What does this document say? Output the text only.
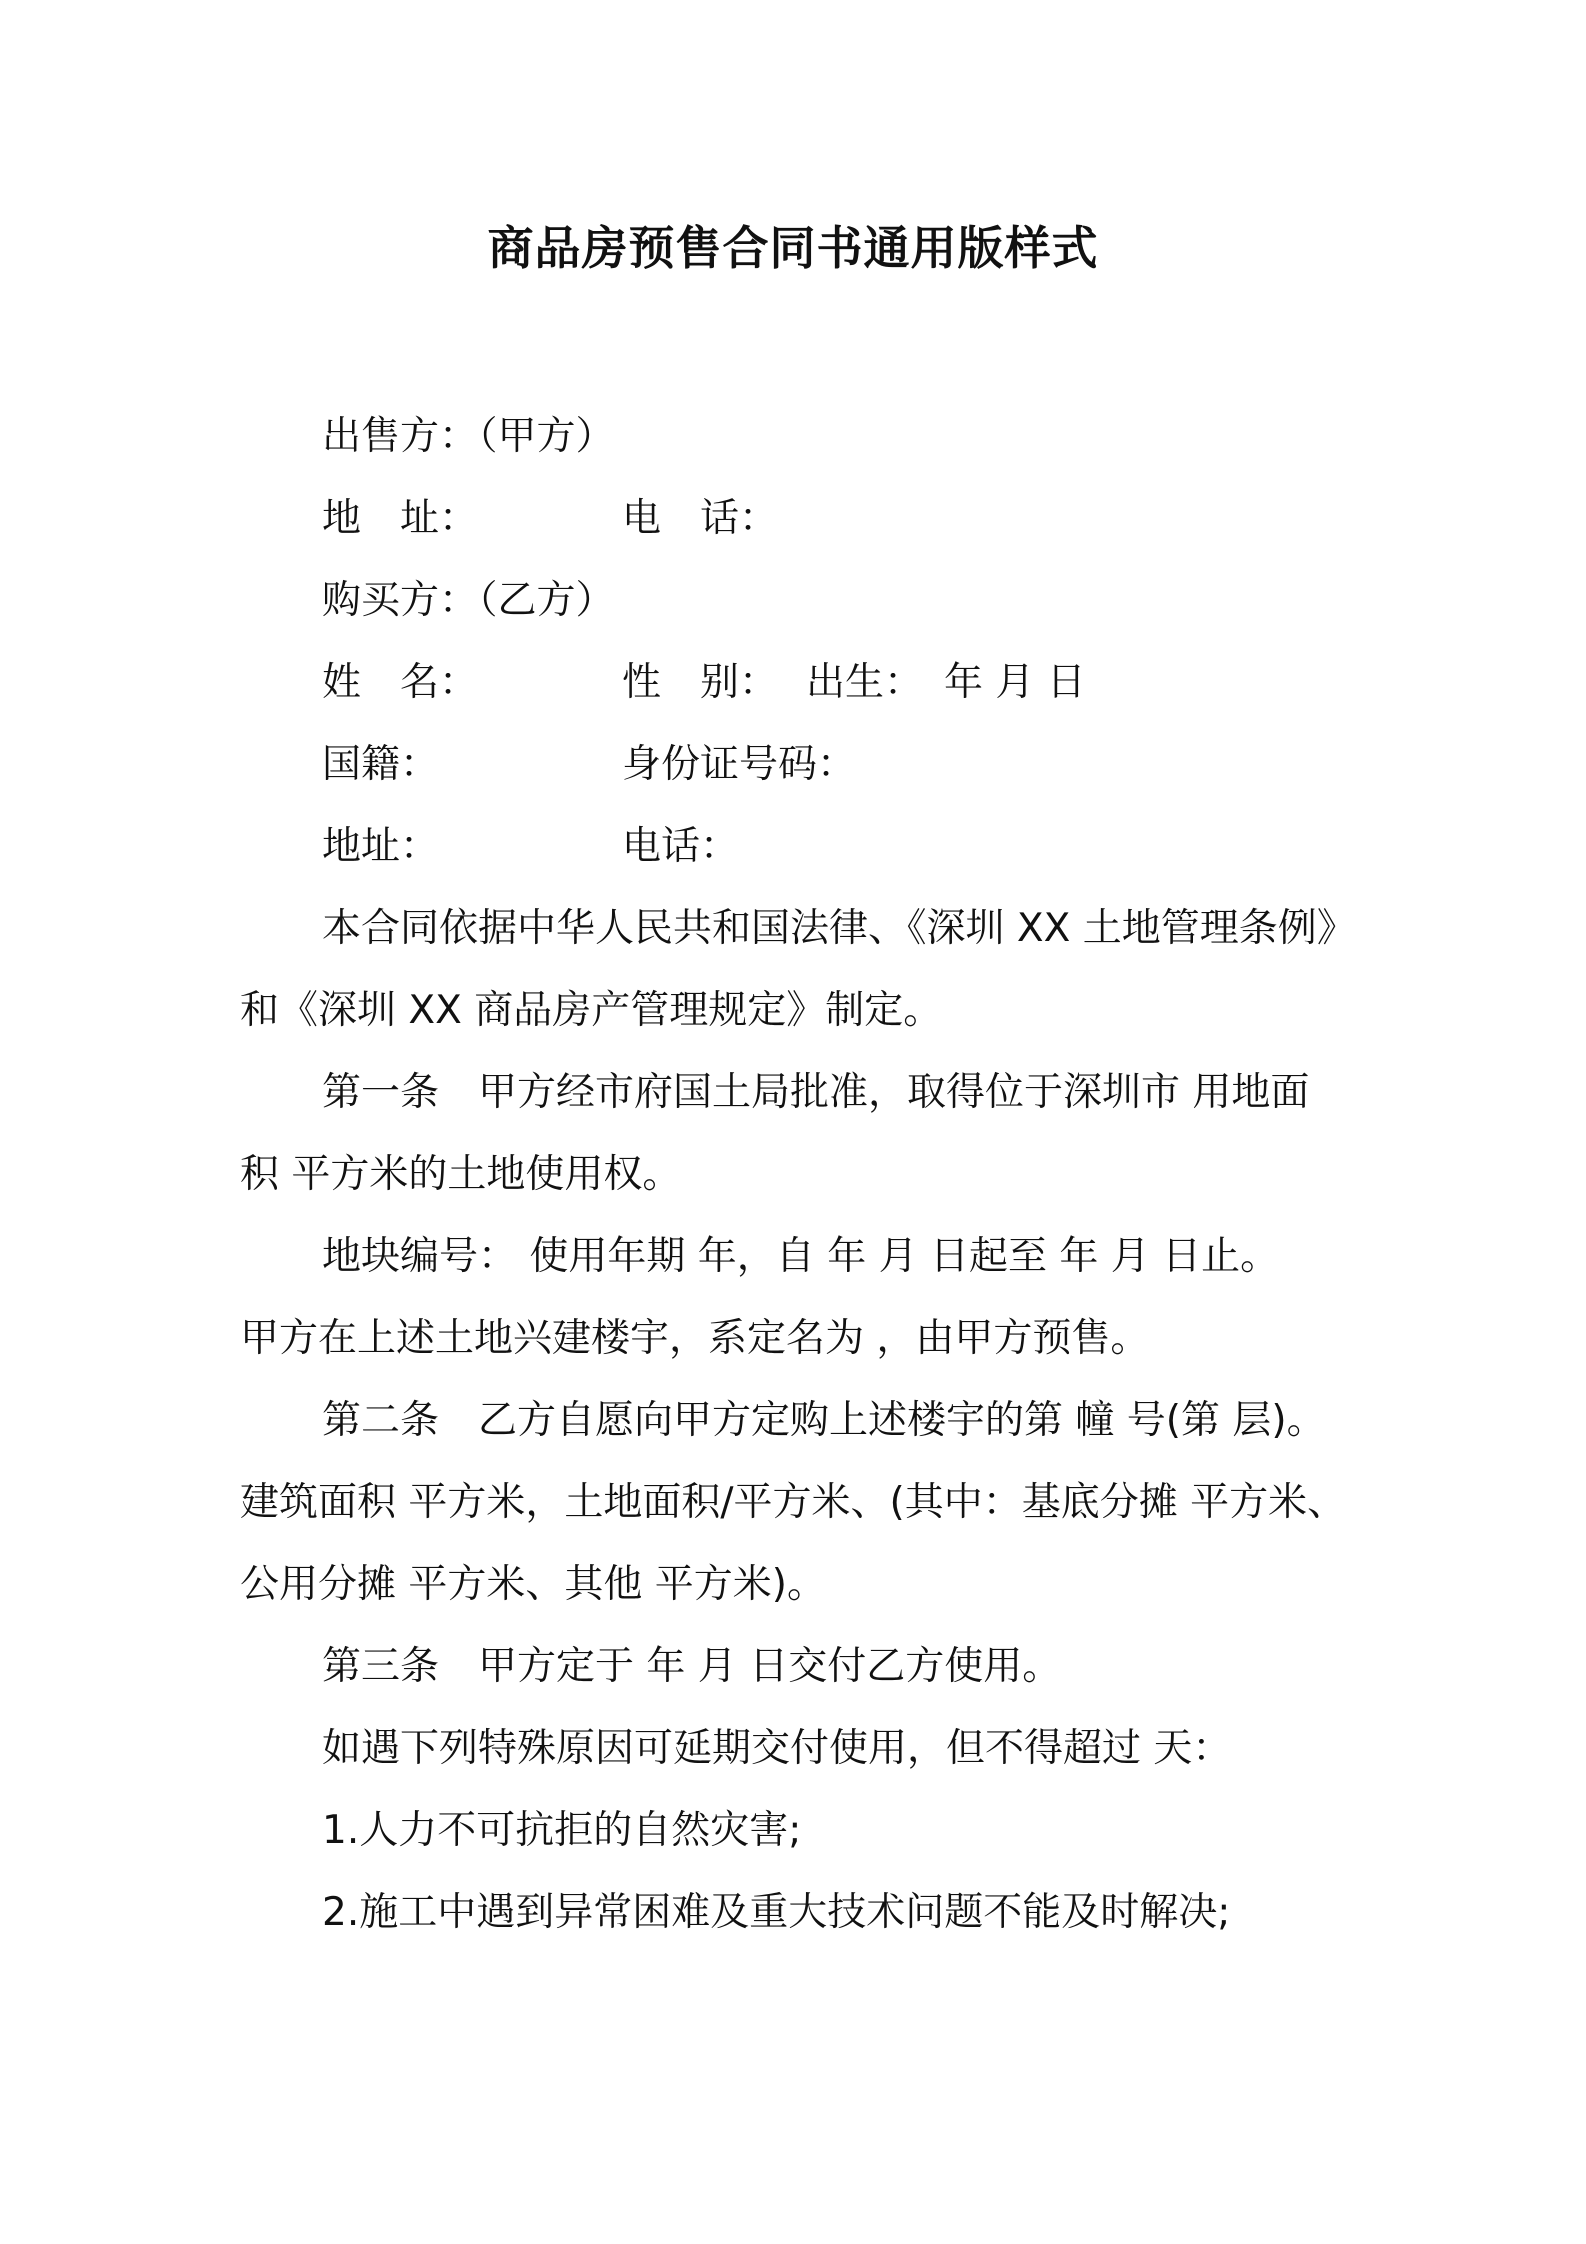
商品房预售合同书通用版样式
出售方：（甲方）
地　址：	电　话：
购买方：（乙方）
姓　名：	性　别： 出生： 年 月 日
国籍：	身份证号码：
地址：	电话：
本合同依据中华人民共和国法律、《深圳 XX 土地管理条例》
和《深圳 XX 商品房产管理规定》制定。
第一条　甲方经市府国土局批准，取得位于深圳市 用地面
积 平方米的土地使用权。
地块编号： 使用年期 年，自 年 月 日起至 年 月 日止。
甲方在上述土地兴建楼宇，系定名为 ，由甲方预售。
第二条　乙方自愿向甲方定购上述楼宇的第 幢 号(第 层)。
建筑面积 平方米，土地面积/平方米、(其中：基底分摊 平方米、
公用分摊 平方米、其他 平方米)。
第三条　甲方定于 年 月 日交付乙方使用。
如遇下列特殊原因可延期交付使用，但不得超过 天：
1.人力不可抗拒的自然灾害;
2.施工中遇到异常困难及重大技术问题不能及时解决;
